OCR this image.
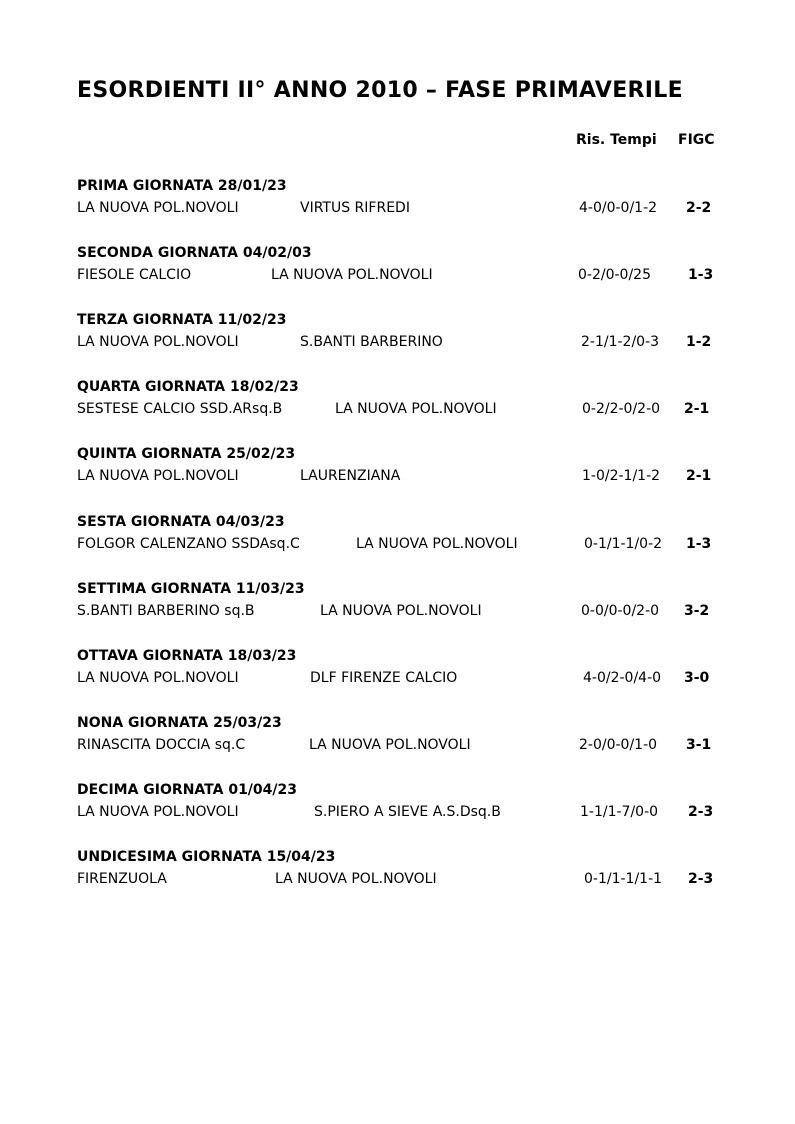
ESORDIENTI II° ANNO 2010 – FASE PRIMAVERILE
Ris. Tempi FIGC
PRIMA GIORNATA 28/01/23
LA NUOVA POL.NOVOLI	VIRTUS RIFREDI	4-0/0-0/1-2 2-2
SECONDA GIORNATA 04/02/03
FIESOLE CALCIO	LA NUOVA POL.NOVOLI	0-2/0-0/25	1-3
TERZA GIORNATA 11/02/23
LA NUOVA POL.NOVOLI	S.BANTI BARBERINO	2-1/1-2/0-3 1-2
QUARTA GIORNATA 18/02/23
SESTESE CALCIO SSD.ARsq.B	LA NUOVA POL.NOVOLI	0-2/2-0/2-0 2-1
QUINTA GIORNATA 25/02/23
LA NUOVA POL.NOVOLI	LAURENZIANA	1-0/2-1/1-2 2-1
SESTA GIORNATA 04/03/23
FOLGOR CALENZANO SSDAsq.C	LA NUOVA POL.NOVOLI	0-1/1-1/0-2 1-3
SETTIMA GIORNATA 11/03/23
S.BANTI BARBERINO sq.B	LA NUOVA POL.NOVOLI	0-0/0-0/2-0 3-2
OTTAVA GIORNATA 18/03/23
LA NUOVA POL.NOVOLI	DLF FIRENZE CALCIO	4-0/2-0/4-0 3-0
NONA GIORNATA 25/03/23
RINASCITA DOCCIA sq.C	LA NUOVA POL.NOVOLI	2-0/0-0/1-0 3-1
DECIMA GIORNATA 01/04/23
LA NUOVA POL.NOVOLI	S.PIERO A SIEVE A.S.Dsq.B	1-1/1-7/0-0 2-3
UNDICESIMA GIORNATA 15/04/23
FIRENZUOLA	LA NUOVA POL.NOVOLI	0-1/1-1/1-1 2-3
